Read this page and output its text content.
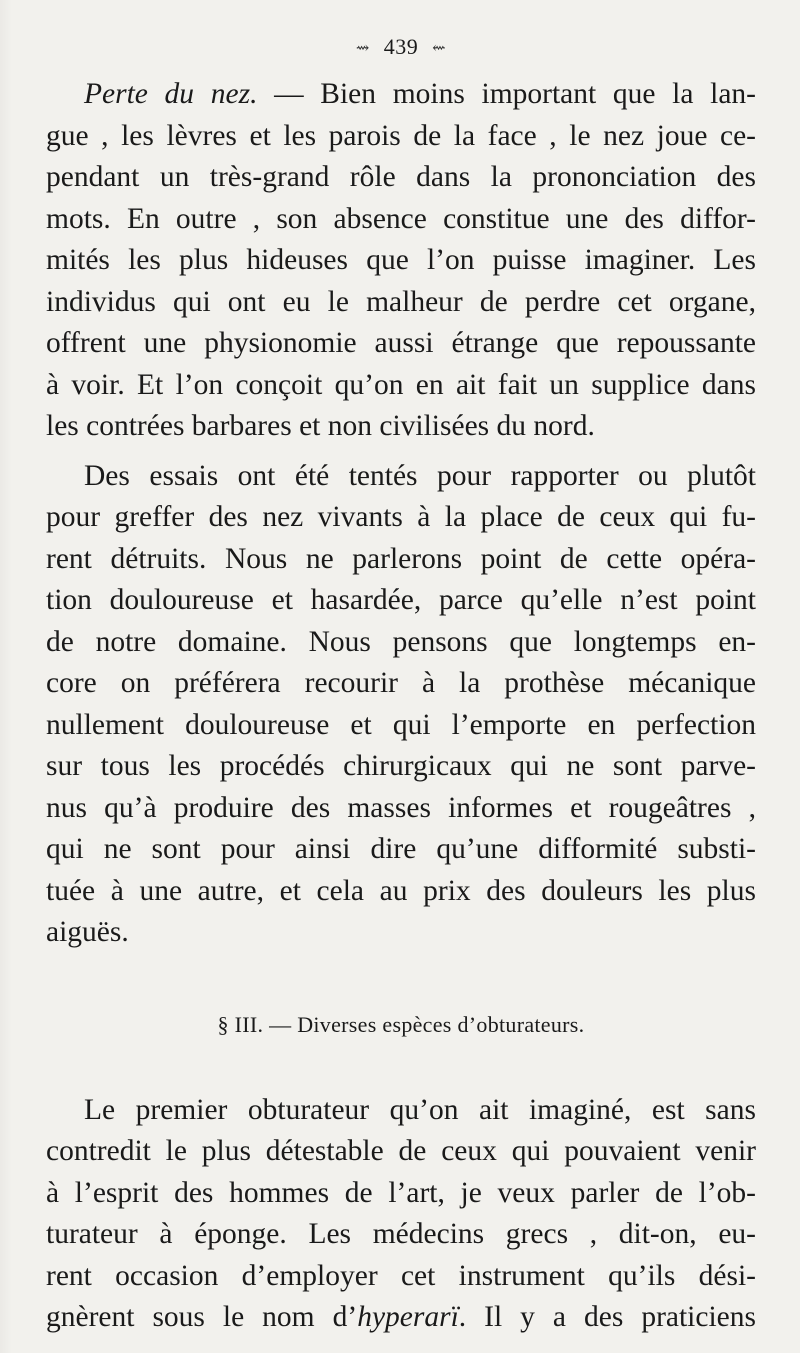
⇝ 439 ⇜
Perte du nez. — Bien moins important que la lan-
gue , les lèvres et les parois de la face , le nez joue ce-
pendant un très-grand rôle dans la prononciation des
mots. En outre , son absence constitue une des diffor-
mités les plus hideuses que l’on puisse imaginer. Les
individus qui ont eu le malheur de perdre cet organe,
offrent une physionomie aussi étrange que repoussante
à voir. Et l’on conçoit qu’on en ait fait un supplice dans
les contrées barbares et non civilisées du nord.
Des essais ont été tentés pour rapporter ou plutôt
pour greffer des nez vivants à la place de ceux qui fu-
rent détruits. Nous ne parlerons point de cette opéra-
tion douloureuse et hasardée, parce qu’elle n’est point
de notre domaine. Nous pensons que longtemps en-
core on préférera recourir à la prothèse mécanique
nullement douloureuse et qui l’emporte en perfection
sur tous les procédés chirurgicaux qui ne sont parve-
nus qu’à produire des masses informes et rougeâtres ,
qui ne sont pour ainsi dire qu’une difformité substi-
tuée à une autre, et cela au prix des douleurs les plus
aiguës.
§ III. — Diverses espèces d’obturateurs.
Le premier obturateur qu’on ait imaginé, est sans
contredit le plus détestable de ceux qui pouvaient venir
à l’esprit des hommes de l’art, je veux parler de l’ob-
turateur à éponge. Les médecins grecs , dit-on, eu-
rent occasion d’employer cet instrument qu’ils dési-
gnèrent sous le nom d’hyperarï. Il y a des praticiens
